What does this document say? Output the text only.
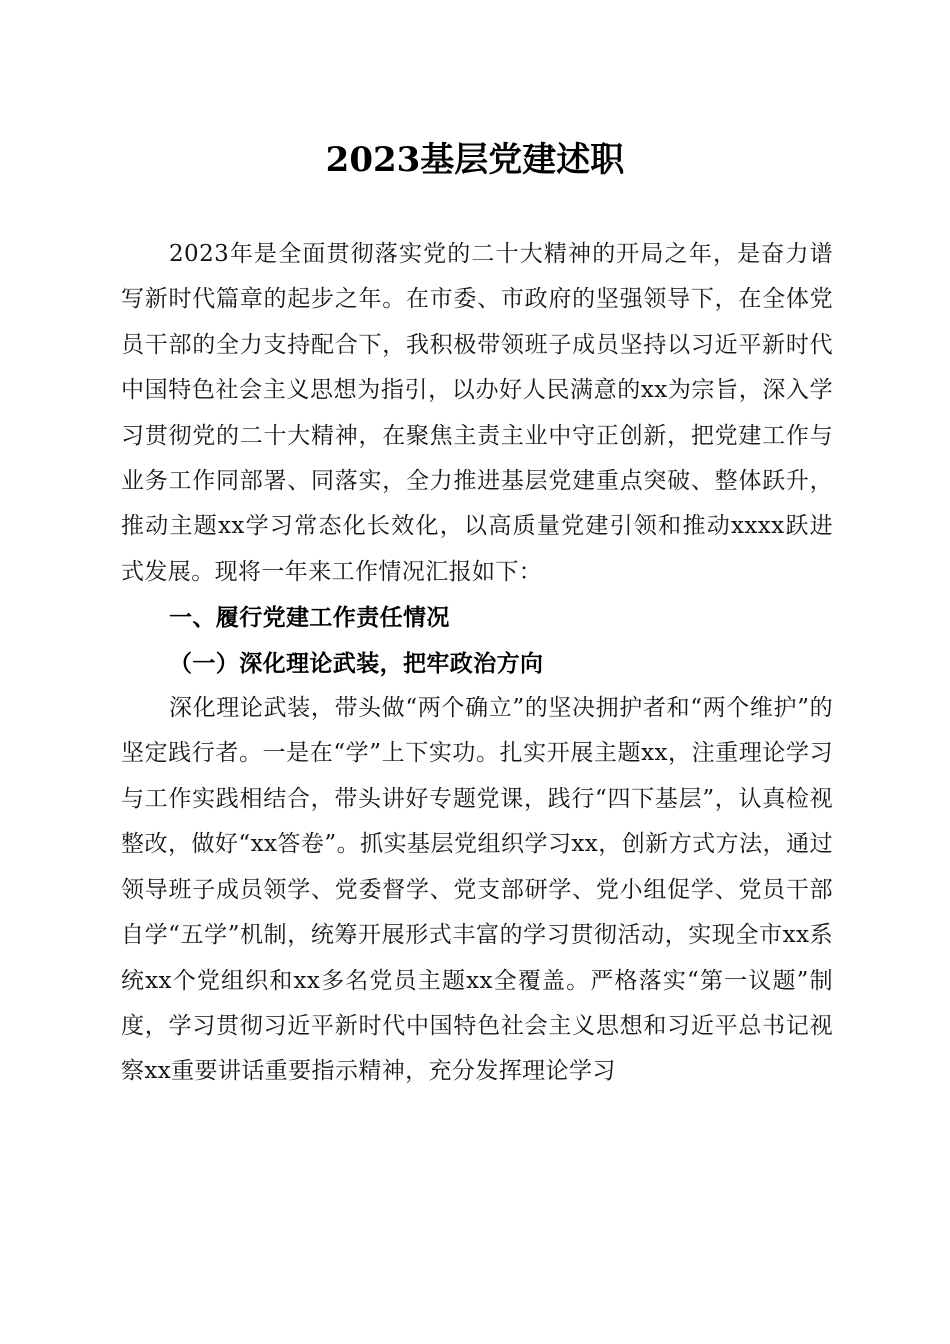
2023基层党建述职

2023年是全面贯彻落实党的二十大精神的开局之年，是奋力谱写新时代篇章的起步之年。在市委、市政府的坚强领导下，在全体党员干部的全力支持配合下，我积极带领班子成员坚持以习近平新时代中国特色社会主义思想为指引，以办好人民满意的xx为宗旨，深入学习贯彻党的二十大精神，在聚焦主责主业中守正创新，把党建工作与业务工作同部署、同落实，全力推进基层党建重点突破、整体跃升，推动主题xx学习常态化长效化，以高质量党建引领和推动xxxx跃进式发展。现将一年来工作情况汇报如下：

一、履行党建工作责任情况

（一）深化理论武装，把牢政治方向

深化理论武装，带头做“两个确立”的坚决拥护者和“两个维护”的坚定践行者。一是在“学”上下实功。扎实开展主题xx，注重理论学习与工作实践相结合，带头讲好专题党课，践行“四下基层”，认真检视整改，做好“xx答卷”。抓实基层党组织学习xx，创新方式方法，通过领导班子成员领学、党委督学、党支部研学、党小组促学、党员干部自学“五学”机制，统筹开展形式丰富的学习贯彻活动，实现全市xx系统xx个党组织和xx多名党员主题xx全覆盖。严格落实“第一议题”制度，学习贯彻习近平新时代中国特色社会主义思想和习近平总书记视察xx重要讲话重要指示精神，充分发挥理论学习
